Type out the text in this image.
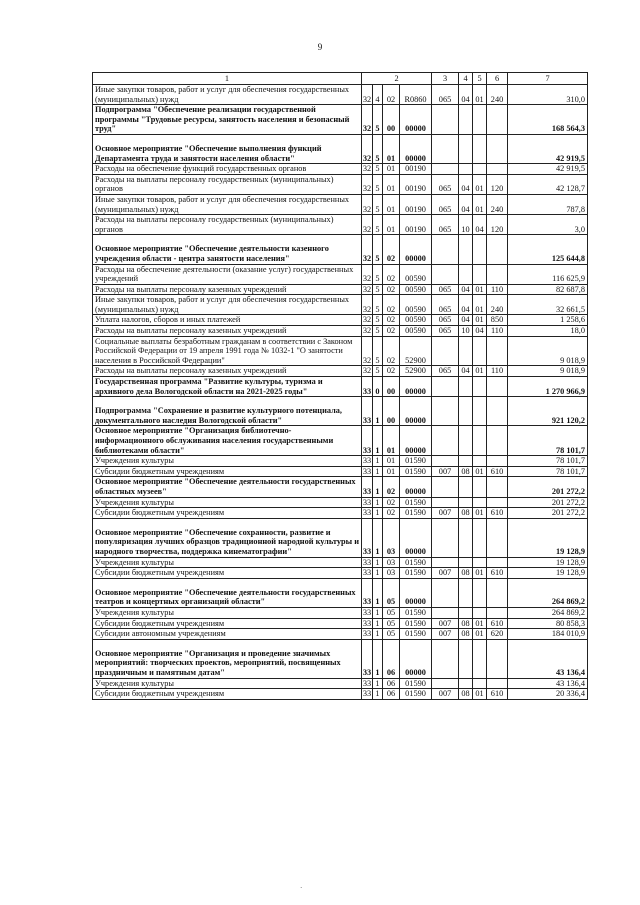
9
1	2				3	4	5	6	7
Иные закупки товаров, работ и услуг для обеспечения государственных (муниципальных) нужд	32	4	02	R0860	065	04	01	240	310,0
Подпрограмма "Обеспечение реализации государственной программы "Трудовые ресурсы, занятость населения и безопасный труд"	32	5	00	00000					168 564,3
Основное мероприятие "Обеспечение выполнения функций Департамента труда и занятости населения области"	32	5	01	00000					42 919,5
Расходы на обеспечение функций государственных органов	32	5	01	00190					42 919,5
Расходы на выплаты персоналу государственных (муниципальных) органов	32	5	01	00190	065	04	01	120	42 128,7
Иные закупки товаров, работ и услуг для обеспечения государственных (муниципальных) нужд	32	5	01	00190	065	04	01	240	787,8
Расходы на выплаты персоналу государственных (муниципальных) органов	32	5	01	00190	065	10	04	120	3,0
Основное мероприятие "Обеспечение деятельности казенного учреждения области - центра занятости населения"	32	5	02	00000					125 644,8
Расходы на обеспечение деятельности (оказание услуг) государственных учреждений	32	5	02	00590					116 625,9
Расходы на выплаты персоналу казенных учреждений	32	5	02	00590	065	04	01	110	82 687,8
Иные закупки товаров, работ и услуг для обеспечения государственных (муниципальных) нужд	32	5	02	00590	065	04	01	240	32 661,5
Уплата налогов, сборов и иных платежей	32	5	02	00590	065	04	01	850	1 258,6
Расходы на выплаты персоналу казенных учреждений	32	5	02	00590	065	10	04	110	18,0
Социальные выплаты безработным гражданам в соответствии с Законом Российской Федерации от 19 апреля 1991 года № 1032-1 "О занятости населения в Российской Федерации"	32	5	02	52900					9 018,9
Расходы на выплаты персоналу казенных учреждений	32	5	02	52900	065	04	01	110	9 018,9
Государственная программа "Развитие культуры, туризма и архивного дела Вологодской области на 2021-2025 годы"	33	0	00	00000					1 270 966,9
Подпрограмма "Сохранение и развитие культурного потенциала, документального наследия Вологодской области"	33	1	00	00000					921 120,2
Основное мероприятие "Организация библиотечно-информационного обслуживания населения государственными библиотеками области"	33	1	01	00000					78 101,7
Учреждения культуры	33	1	01	01590					78 101,7
Субсидии бюджетным учреждениям	33	1	01	01590	007	08	01	610	78 101,7
Основное мероприятие "Обеспечение деятельности государственных областных музеев"	33	1	02	00000					201 272,2
Учреждения культуры	33	1	02	01590					201 272,2
Субсидии бюджетным учреждениям	33	1	02	01590	007	08	01	610	201 272,2
Основное мероприятие "Обеспечение сохранности, развитие и популяризация лучших образцов традиционной народной культуры и народного творчества, поддержка кинематографии"	33	1	03	00000					19 128,9
Учреждения культуры	33	1	03	01590					19 128,9
Субсидии бюджетным учреждениям	33	1	03	01590	007	08	01	610	19 128,9
Основное мероприятие "Обеспечение деятельности государственных театров и концертных организаций области"	33	1	05	00000					264 869,2
Учреждения культуры	33	1	05	01590					264 869,2
Субсидии бюджетным учреждениям	33	1	05	01590	007	08	01	610	80 858,3
Субсидии автономным учреждениям	33	1	05	01590	007	08	01	620	184 010,9
Основное мероприятие "Организация и проведение значимых мероприятий: творческих проектов, мероприятий, посвященных праздничным и памятным датам"	33	1	06	00000					43 136,4
Учреждения культуры	33	1	06	01590					43 136,4
Субсидии бюджетным учреждениям	33	1	06	01590	007	08	01	610	20 336,4
·
